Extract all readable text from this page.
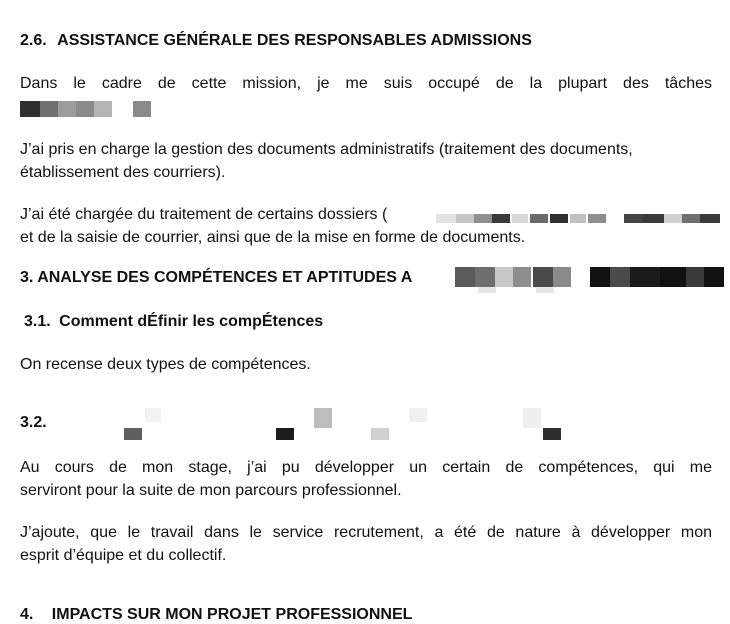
2.6. ASSISTANCE GÉNÉRALE DES RESPONSABLES ADMISSIONS
Dans le cadre de cette mission, je me suis occupé de la plupart des tâches
J’ai pris en charge la gestion des documents administratifs (traitement des documents,
établissement des courriers).
J’ai été chargée du traitement de certains dossiers (
et de la saisie de courrier, ainsi que de la mise en forme de documents.
3. ANALYSE DES COMPÉTENCES ET APTITUDES A
3.1. Comment dÉfinir les compÉtences
On recense deux types de compétences.
3.2.
Au cours de mon stage, j’ai pu développer un certain de compétences, qui me
serviront pour la suite de mon parcours professionnel.
J’ajoute, que le travail dans le service recrutement, a été de nature à développer mon
esprit d’équipe et du collectif.
4. IMPACTS SUR MON PROJET PROFESSIONNEL
